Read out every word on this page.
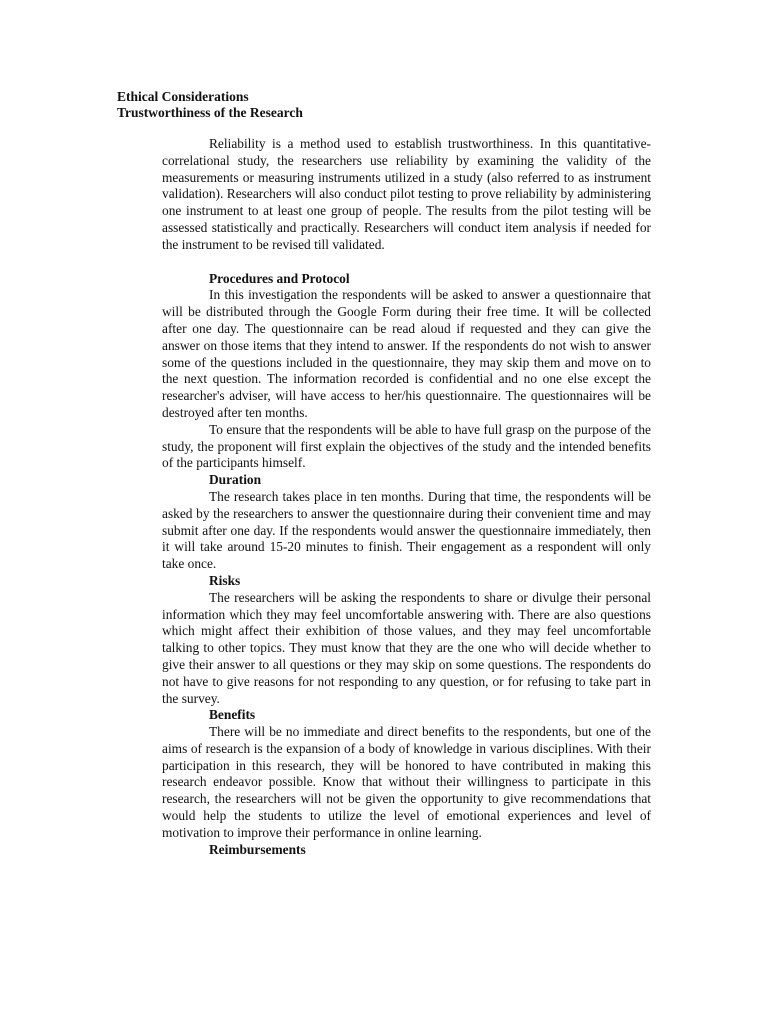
Ethical Considerations
Trustworthiness of the Research

Reliability is a method used to establish trustworthiness. In this quantitative-correlational study, the researchers use reliability by examining the validity of the measurements or measuring instruments utilized in a study (also referred to as instrument validation). Researchers will also conduct pilot testing to prove reliability by administering one instrument to at least one group of people. The results from the pilot testing will be assessed statistically and practically. Researchers will conduct item analysis if needed for the instrument to be revised till validated.

Procedures and Protocol

In this investigation the respondents will be asked to answer a questionnaire that will be distributed through the Google Form during their free time. It will be collected after one day. The questionnaire can be read aloud if requested and they can give the answer on those items that they intend to answer. If the respondents do not wish to answer some of the questions included in the questionnaire, they may skip them and move on to the next question. The information recorded is confidential and no one else except the researcher's adviser, will have access to her/his questionnaire. The questionnaires will be destroyed after ten months.

To ensure that the respondents will be able to have full grasp on the purpose of the study, the proponent will first explain the objectives of the study and the intended benefits of the participants himself.

Duration

The research takes place in ten months. During that time, the respondents will be asked by the researchers to answer the questionnaire during their convenient time and may submit after one day. If the respondents would answer the questionnaire immediately, then it will take around 15-20 minutes to finish. Their engagement as a respondent will only take once.

Risks

The researchers will be asking the respondents to share or divulge their personal information which they may feel uncomfortable answering with. There are also questions which might affect their exhibition of those values, and they may feel uncomfortable talking to other topics. They must know that they are the one who will decide whether to give their answer to all questions or they may skip on some questions. The respondents do not have to give reasons for not responding to any question, or for refusing to take part in the survey.

Benefits

There will be no immediate and direct benefits to the respondents, but one of the aims of research is the expansion of a body of knowledge in various disciplines. With their participation in this research, they will be honored to have contributed in making this research endeavor possible. Know that without their willingness to participate in this research, the researchers will not be given the opportunity to give recommendations that would help the students to utilize the level of emotional experiences and level of motivation to improve their performance in online learning.

Reimbursements
